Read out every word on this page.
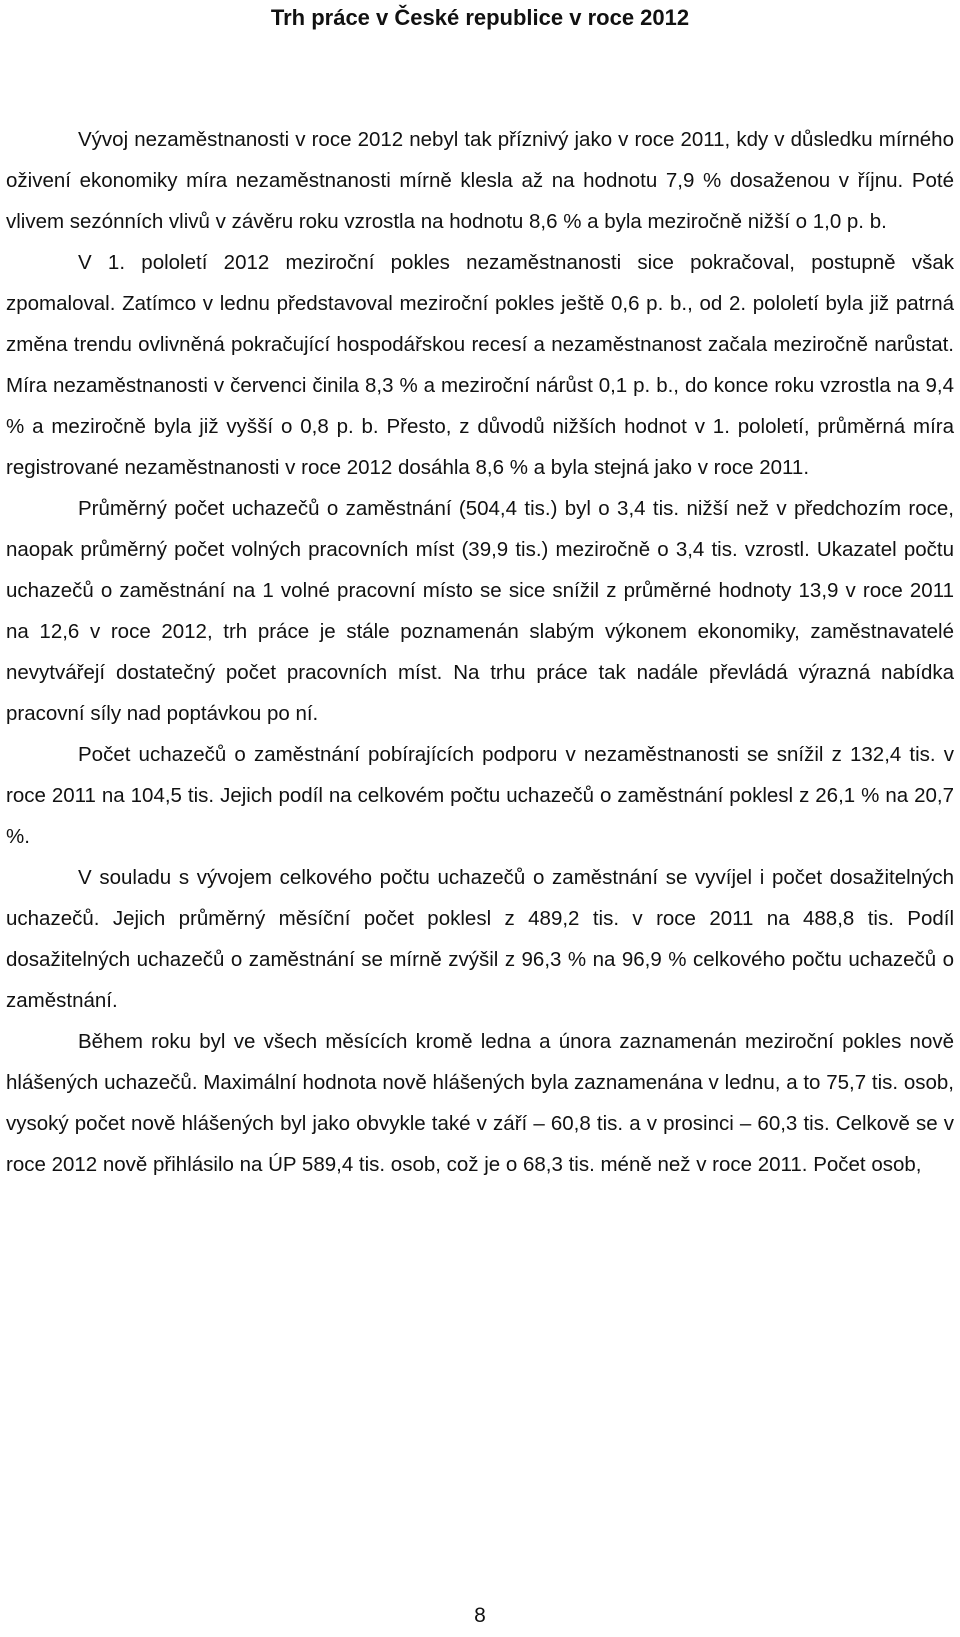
Trh práce v České republice v roce 2012

Vývoj nezaměstnanosti v roce 2012 nebyl tak příznivý jako v roce 2011, kdy v důsledku mírného oživení ekonomiky míra nezaměstnanosti mírně klesla až na hodnotu 7,9 % dosaženou v říjnu. Poté vlivem sezónních vlivů v závěru roku vzrostla na hodnotu 8,6 % a byla meziročně nižší o 1,0 p. b.

V 1. pololetí 2012 meziroční pokles nezaměstnanosti sice pokračoval, postupně však zpomaloval. Zatímco v lednu představoval meziroční pokles ještě 0,6 p. b., od 2. pololetí byla již patrná změna trendu ovlivněná pokračující hospodářskou recesí a nezaměstnanost začala meziročně narůstat. Míra nezaměstnanosti v červenci činila 8,3 % a meziroční nárůst 0,1 p. b., do konce roku vzrostla na 9,4 % a meziročně byla již vyšší o 0,8 p. b. Přesto, z důvodů nižších hodnot v 1. pololetí, průměrná míra registrované nezaměstnanosti v roce 2012 dosáhla 8,6 % a byla stejná jako v roce 2011.

Průměrný počet uchazečů o zaměstnání (504,4 tis.) byl o 3,4 tis. nižší než v předchozím roce, naopak průměrný počet volných pracovních míst (39,9 tis.) meziročně o 3,4 tis. vzrostl. Ukazatel počtu uchazečů o zaměstnání na 1 volné pracovní místo se sice snížil z průměrné hodnoty 13,9 v roce 2011 na 12,6 v roce 2012, trh práce je stále poznamenán slabým výkonem ekonomiky, zaměstnavatelé nevytvářejí dostatečný počet pracovních míst. Na trhu práce tak nadále převládá výrazná nabídka pracovní síly nad poptávkou po ní.

Počet uchazečů o zaměstnání pobírajících podporu v nezaměstnanosti se snížil z 132,4 tis. v roce 2011 na 104,5 tis. Jejich podíl na celkovém počtu uchazečů o zaměstnání poklesl z 26,1 % na 20,7 %.

V souladu s vývojem celkového počtu uchazečů o zaměstnání se vyvíjel i počet dosažitelných uchazečů. Jejich průměrný měsíční počet poklesl z 489,2 tis. v roce 2011 na 488,8 tis. Podíl dosažitelných uchazečů o zaměstnání se mírně zvýšil z 96,3 % na 96,9 % celkového počtu uchazečů o zaměstnání.

Během roku byl ve všech měsících kromě ledna a února zaznamenán meziroční pokles nově hlášených uchazečů. Maximální hodnota nově hlášených byla zaznamenána v lednu, a to 75,7 tis. osob, vysoký počet nově hlášených byl jako obvykle také v září – 60,8 tis. a v prosinci – 60,3 tis. Celkově se v roce 2012 nově přihlásilo na ÚP 589,4 tis. osob, což je o 68,3 tis. méně než v roce 2011. Počet osob,

8
